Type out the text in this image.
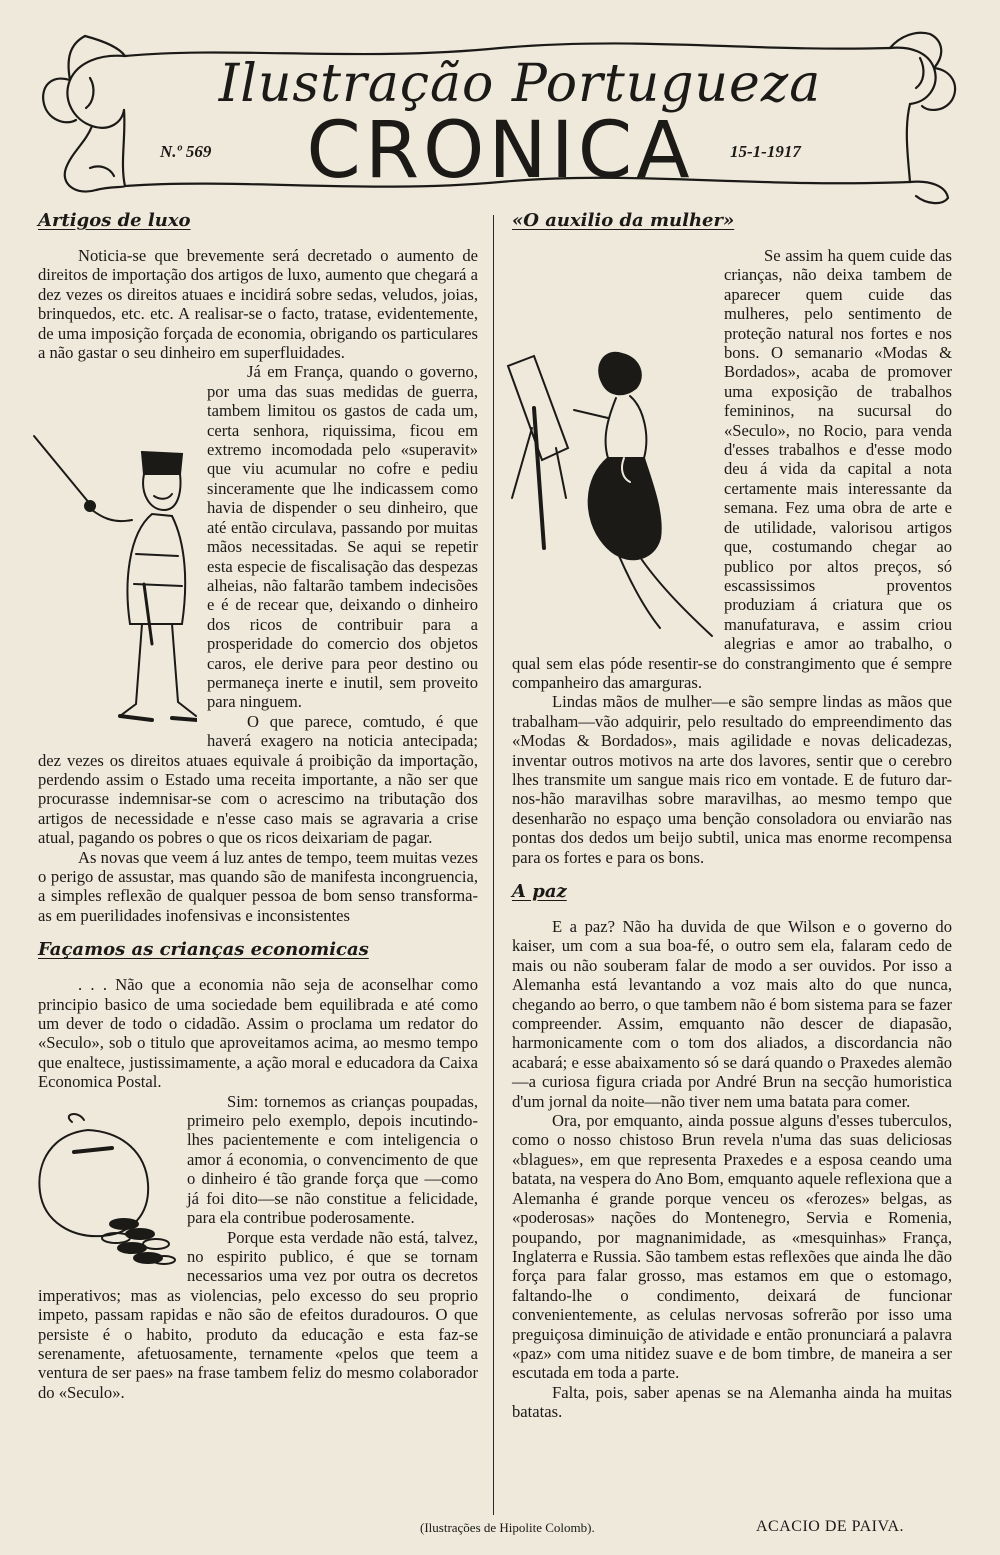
Ilustração Portugueza
CRONICA
N.º 569	15-1-1917
Artigos de luxo

Noticia-se que brevemente será decretado o aumento de direitos de importação dos artigos de luxo, aumento que chegará a dez vezes os direitos atuaes e incidirá sobre sedas, veludos, joias, brinquedos, etc. etc. A realisar-se o facto, tratase, evidentemente, de uma imposição forçada de economia, obrigando os particulares a não gastar o seu dinheiro em superfluidades.

Já em França, quando o governo, por uma das suas medidas de guerra, tambem limitou os gastos de cada um, certa senhora, riquissima, ficou em extremo incomodada pelo «superavit» que viu acumular no cofre e pediu sinceramente que lhe indicassem como havia de dispender o seu dinheiro, que até então circulava, passando por muitas mãos necessitadas. Se aqui se repetir esta especie de fiscalisação das despezas alheias, não faltarão tambem indecisões e é de recear que, deixando o dinheiro dos ricos de contribuir para a prosperidade do comercio dos objetos caros, ele derive para peor destino ou permaneça inerte e inutil, sem proveito para ninguem.

O que parece, comtudo, é que haverá exagero na noticia antecipada; dez vezes os direitos atuaes equivale á proibição da importação, perdendo assim o Estado uma receita importante, a não ser que procurasse indemnisar-se com o acrescimo na tributação dos artigos de necessidade e n'esse caso mais se agravaria a crise atual, pagando os pobres o que os ricos deixariam de pagar.

As novas que veem á luz antes de tempo, teem muitas vezes o perigo de assustar, mas quando são de manifesta incongruencia, a simples reflexão de qualquer pessoa de bom senso transforma-as em puerilidades inofensivas e inconsistentes

Façamos as crianças economicas

. . . Não que a economia não seja de aconselhar como principio basico de uma sociedade bem equilibrada e até como um dever de todo o cidadão. Assim o proclama um redator do «Seculo», sob o titulo que aproveitamos acima, ao mesmo tempo que enaltece, justissimamente, a ação moral e educadora da Caixa Economica Postal.

Sim: tornemos as crianças poupadas, primeiro pelo exemplo, depois incutindo-lhes pacientemente e com inteligencia o amor á economia, o convencimento de que o dinheiro é tão grande força que —como já foi dito—se não constitue a felicidade, para ela contribue poderosamente.

Porque esta verdade não está, talvez, no espirito publico, é que se tornam necessarios uma vez por outra os decretos imperativos; mas as violencias, pelo excesso do seu proprio impeto, passam rapidas e não são de efeitos duradouros. O que persiste é o habito, produto da educação e esta faz-se serenamente, afetuosamente, ternamente «pelos que teem a ventura de ser paes» na frase tambem feliz do mesmo colaborador do «Seculo».

«O auxilio da mulher»

Se assim ha quem cuide das crianças, não deixa tambem de aparecer quem cuide das mulheres, pelo sentimento de proteção natural nos fortes e nos bons. O semanario «Modas & Bordados», acaba de promover uma exposição de trabalhos femininos, na sucursal do «Seculo», no Rocio, para venda d'esses trabalhos e d'esse modo deu á vida da capital a nota certamente mais interessante da semana. Fez uma obra de arte e de utilidade, valorisou artigos que, costumando chegar ao publico por altos preços, só escassissimos proventos produziam á criatura que os manufaturava, e assim criou alegrias e amor ao trabalho, o qual sem elas póde resentir-se do constrangimento que é sempre companheiro das amarguras.

Lindas mãos de mulher—e são sempre lindas as mãos que trabalham—vão adquirir, pelo resultado do empreendimento das «Modas & Bordados», mais agilidade e novas delicadezas, inventar outros motivos na arte dos lavores, sentir que o cerebro lhes transmite um sangue mais rico em vontade. E de futuro dar-nos-hão maravilhas sobre maravilhas, ao mesmo tempo que desenharão no espaço uma benção consoladora ou enviarão nas pontas dos dedos um beijo subtil, unica mas enorme recompensa para os fortes e para os bons.

A paz

E a paz? Não ha duvida de que Wilson e o governo do kaiser, um com a sua boa-fé, o outro sem ela, falaram cedo de mais ou não souberam falar de modo a ser ouvidos. Por isso a Alemanha está levantando a voz mais alto do que nunca, chegando ao berro, o que tambem não é bom sistema para se fazer compreender. Assim, emquanto não descer de diapasão, harmonicamente com o tom dos aliados, a discordancia não acabará; e esse abaixamento só se dará quando o Praxedes alemão—a curiosa figura criada por André Brun na secção humoristica d'um jornal da noite—não tiver nem uma batata para comer.

Ora, por emquanto, ainda possue alguns d'esses tuberculos, como o nosso chistoso Brun revela n'uma das suas deliciosas «blagues», em que representa Praxedes e a esposa ceando uma batata, na vespera do Ano Bom, emquanto aquele reflexiona que a Alemanha é grande porque venceu os «ferozes» belgas, as «poderosas» nações do Montenegro, Servia e Romenia, poupando, por magnanimidade, as «mesquinhas» França, Inglaterra e Russia. São tambem estas reflexões que ainda lhe dão força para falar grosso, mas estamos em que o estomago, faltando-lhe o condimento, deixará de funcionar convenientemente, as celulas nervosas sofrerão por isso uma preguiçosa diminuição de atividade e então pronunciará a palavra «paz» com uma nitidez suave e de bom timbre, de maneira a ser escutada em toda a parte.

Falta, pois, saber apenas se na Alemanha ainda ha muitas batatas.

(Ilustrações de Hipolite Colomb).	ACACIO DE PAIVA.
